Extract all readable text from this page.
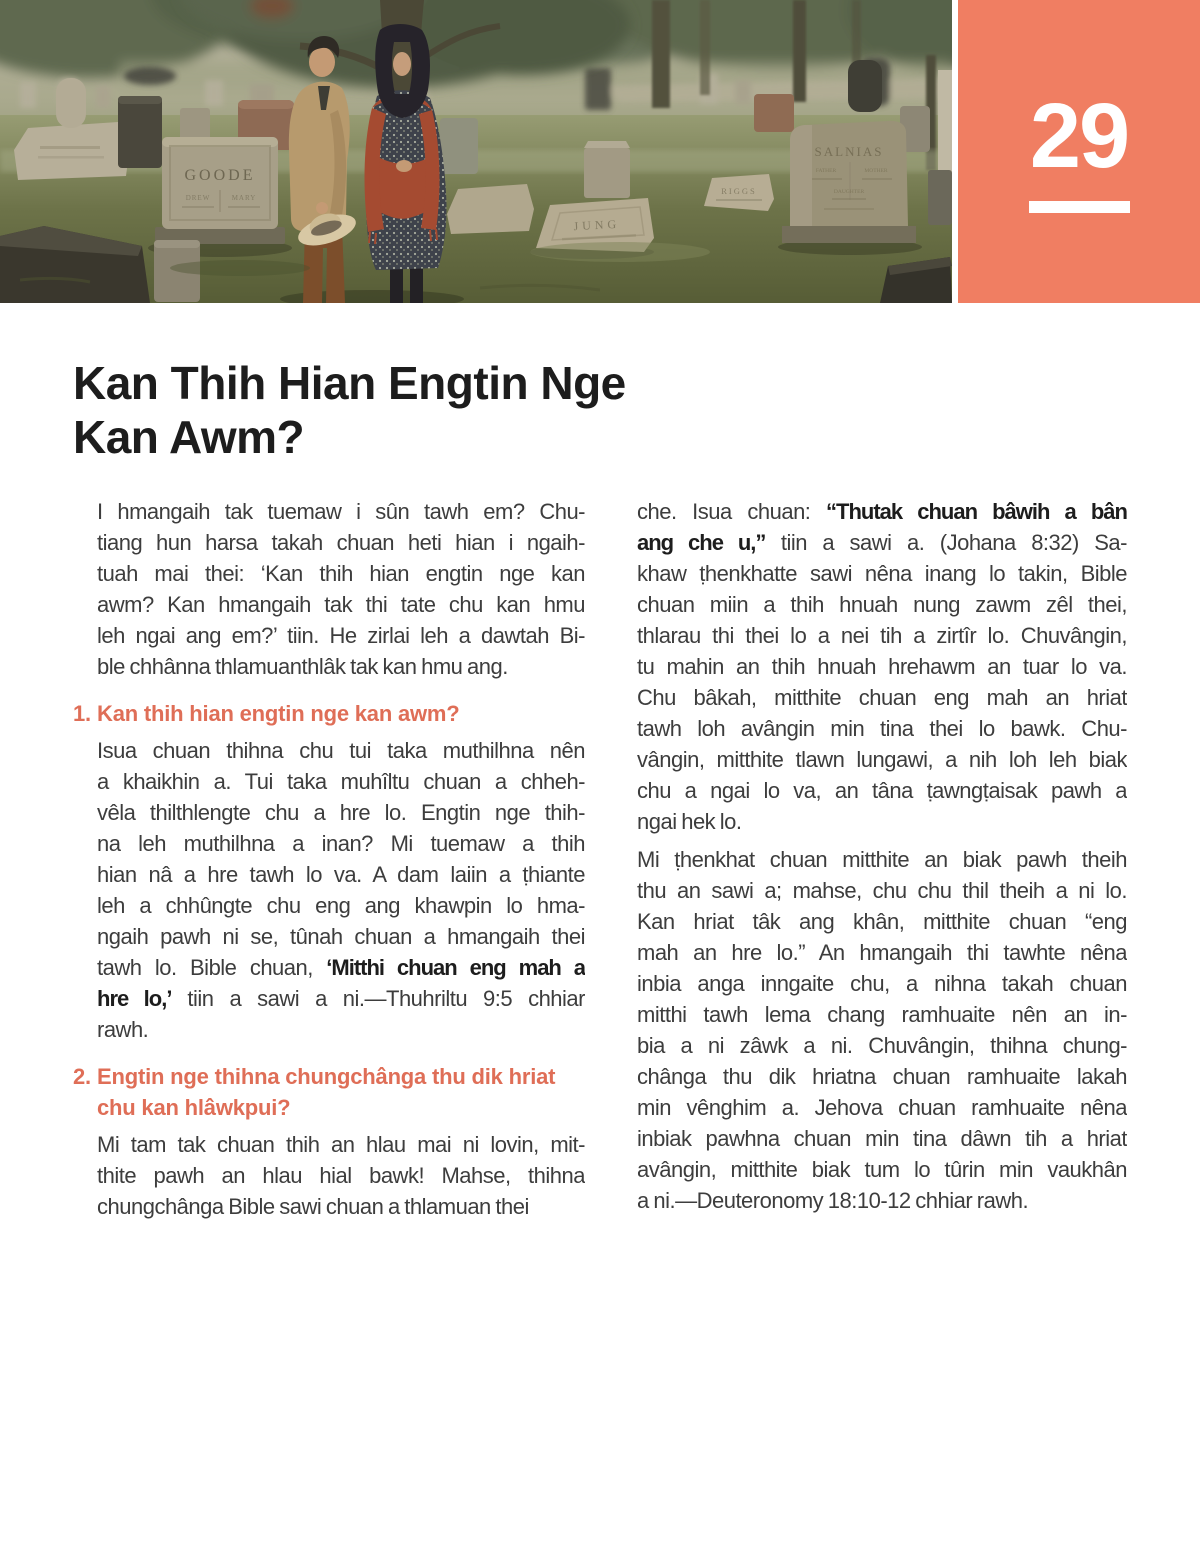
GOODE
DREW	MARY
JUNG
RIGGS
SALNIAS
FATHER	MOTHER
DAUGHTER
29
Kan Thih Hian Engtin Nge
Kan Awm?
I hmangaih tak tuemaw i sûn tawh em? Chu-
tiang hun harsa takah chuan heti hian i ngaih-
tuah mai thei: ‘Kan thih hian engtin nge kan
awm? Kan hmangaih tak thi tate chu kan hmu
leh ngai ang em?’ tiin. He zirlai leh a dawtah Bi-
ble chhânna thlamuanthlâk tak kan hmu ang.
1. Kan thih hian engtin nge kan awm?
Isua chuan thihna chu tui taka muthilhna nên
a khaikhin a. Tui taka muhîltu chuan a chheh-
vêla thilthlengte chu a hre lo. Engtin nge thih-
na leh muthilhna a inan? Mi tuemaw a thih
hian nâ a hre tawh lo va. A dam laiin a ṭhiante
leh a chhûngte chu eng ang khawpin lo hma-
ngaih pawh ni se, tûnah chuan a hmangaih thei
tawh lo. Bible chuan, ‘Mitthi chuan eng mah a
hre lo,’ tiin a sawi a ni.—Thuhriltu 9:5 chhiar
rawh.
2. Engtin nge thihna chungchânga thu dik hriat
chu kan hlâwkpui?
Mi tam tak chuan thih an hlau mai ni lovin, mit-
thite pawh an hlau hial bawk! Mahse, thihna
chungchânga Bible sawi chuan a thlamuan thei
che. Isua chuan: “Thutak chuan bâwih a bân
ang che u,” tiin a sawi a. (Johana 8:32) Sa-
khaw ṭhenkhatte sawi nêna inang lo takin, Bible
chuan miin a thih hnuah nung zawm zêl thei,
thlarau thi thei lo a nei tih a zirtîr lo. Chuvângin,
tu mahin an thih hnuah hrehawm an tuar lo va.
Chu bâkah, mitthite chuan eng mah an hriat
tawh loh avângin min tina thei lo bawk. Chu-
vângin, mitthite tlawn lungawi, a nih loh leh biak
chu a ngai lo va, an tâna ṭawngṭaisak pawh a
ngai hek lo.
Mi ṭhenkhat chuan mitthite an biak pawh theih
thu an sawi a; mahse, chu chu thil theih a ni lo.
Kan hriat tâk ang khân, mitthite chuan “eng
mah an hre lo.” An hmangaih thi tawhte nêna
inbia anga inngaite chu, a nihna takah chuan
mitthi tawh lema chang ramhuaite nên an in-
bia a ni zâwk a ni. Chuvângin, thihna chung-
chânga thu dik hriatna chuan ramhuaite lakah
min vênghim a. Jehova chuan ramhuaite nêna
inbiak pawhna chuan min tina dâwn tih a hriat
avângin, mitthite biak tum lo tûrin min vaukhân
a ni.—Deuteronomy 18:10-12 chhiar rawh.
